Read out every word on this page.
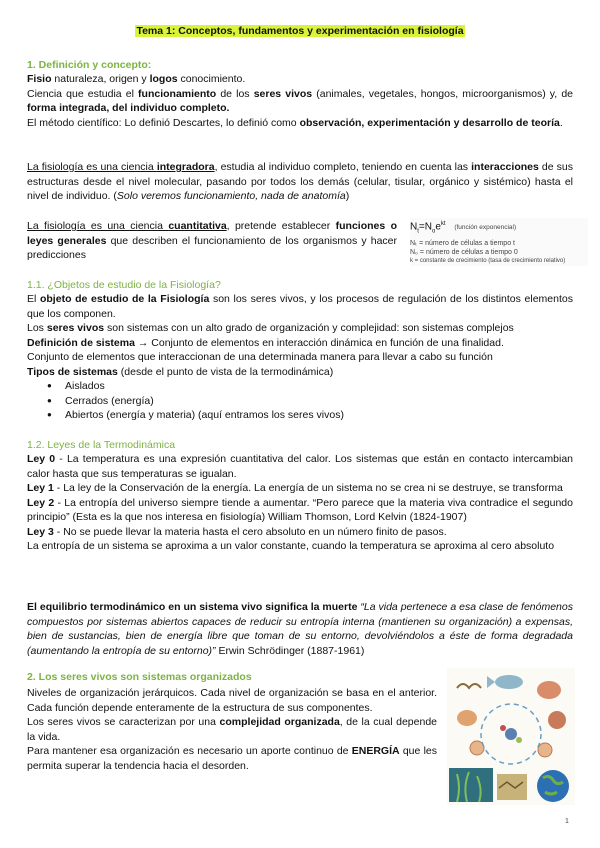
Tema 1: Conceptos, fundamentos y experimentación en fisiología
1. Definición y concepto:

Fisio naturaleza, origen y logos conocimiento.

Ciencia que estudia el funcionamiento de los seres vivos (animales, vegetales, hongos, microorganismos) y, de forma integrada, del individuo completo.

El método científico: Lo definió Descartes, lo definió como observación, experimentación y desarrollo de teoría.

La fisiología es una ciencia integradora, estudia al individuo completo, teniendo en cuenta las interacciones de sus estructuras desde el nivel molecular, pasando por todos los demás (celular, tisular, orgánico y sistémico) hasta el nivel de individuo. (Solo veremos funcionamiento, nada de anatomía)

La fisiología es una ciencia cuantitativa, pretende establecer funciones o leyes generales que describen el funcionamiento de los organismos y hacer predicciones

$N_t=N_oe^{kt}$ (función exponencial)
Nₜ = número de células a tiempo t
N₀ = número de células a tiempo 0
k = constante de crecimiento (tasa de crecimiento relativo)
1.1. ¿Objetos de estudio de la Fisiología?

El objeto de estudio de la Fisiología son los seres vivos, y los procesos de regulación de los distintos elementos que los componen.

Los seres vivos son sistemas con un alto grado de organización y complejidad: son sistemas complejos

Definición de sistema → Conjunto de elementos en interacción dinámica en función de una finalidad.

Conjunto de elementos que interaccionan de una determinada manera para llevar a cabo su función

Tipos de sistemas (desde el punto de vista de la termodinámica)

● Aislados
● Cerrados (energía)
● Abiertos (energía y materia) (aquí entramos los seres vivos)
1.2. Leyes de la Termodinámica

Ley 0 - La temperatura es una expresión cuantitativa del calor. Los sistemas que están en contacto intercambian calor hasta que sus temperaturas se igualan.

Ley 1 - La ley de la Conservación de la energía. La energía de un sistema no se crea ni se destruye, se transforma

Ley 2 - La entropía del universo siempre tiende a aumentar. “Pero parece que la materia viva contradice el segundo principio” (Esta es la que nos interesa en fisiología) William Thomson, Lord Kelvin (1824-1907)

Ley 3 - No se puede llevar la materia hasta el cero absoluto en un número finito de pasos.

La entropía de un sistema se aproxima a un valor constante, cuando la temperatura se aproxima al cero absoluto

El equilibrio termodinámico en un sistema vivo significa la muerte “La vida pertenece a esa clase de fenómenos compuestos por sistemas abiertos capaces de reducir su entropía interna (mantienen su organización) a expensas, bien de sustancias, bien de energía libre que toman de su entorno, devolviéndolos a éste de forma degradada (aumentando la entropía de su entorno)” Erwin Schrödinger (1887-1961)

2. Los seres vivos son sistemas organizados

Niveles de organización jerárquicos. Cada nivel de organización se basa en el anterior. Cada función depende enteramente de la estructura de sus componentes.

Los seres vivos se caracterizan por una complejidad organizada, de la cual depende la vida.

Para mantener esa organización es necesario un aporte continuo de ENERGÍA que les permita superar la tendencia hacia el desorden.

1
